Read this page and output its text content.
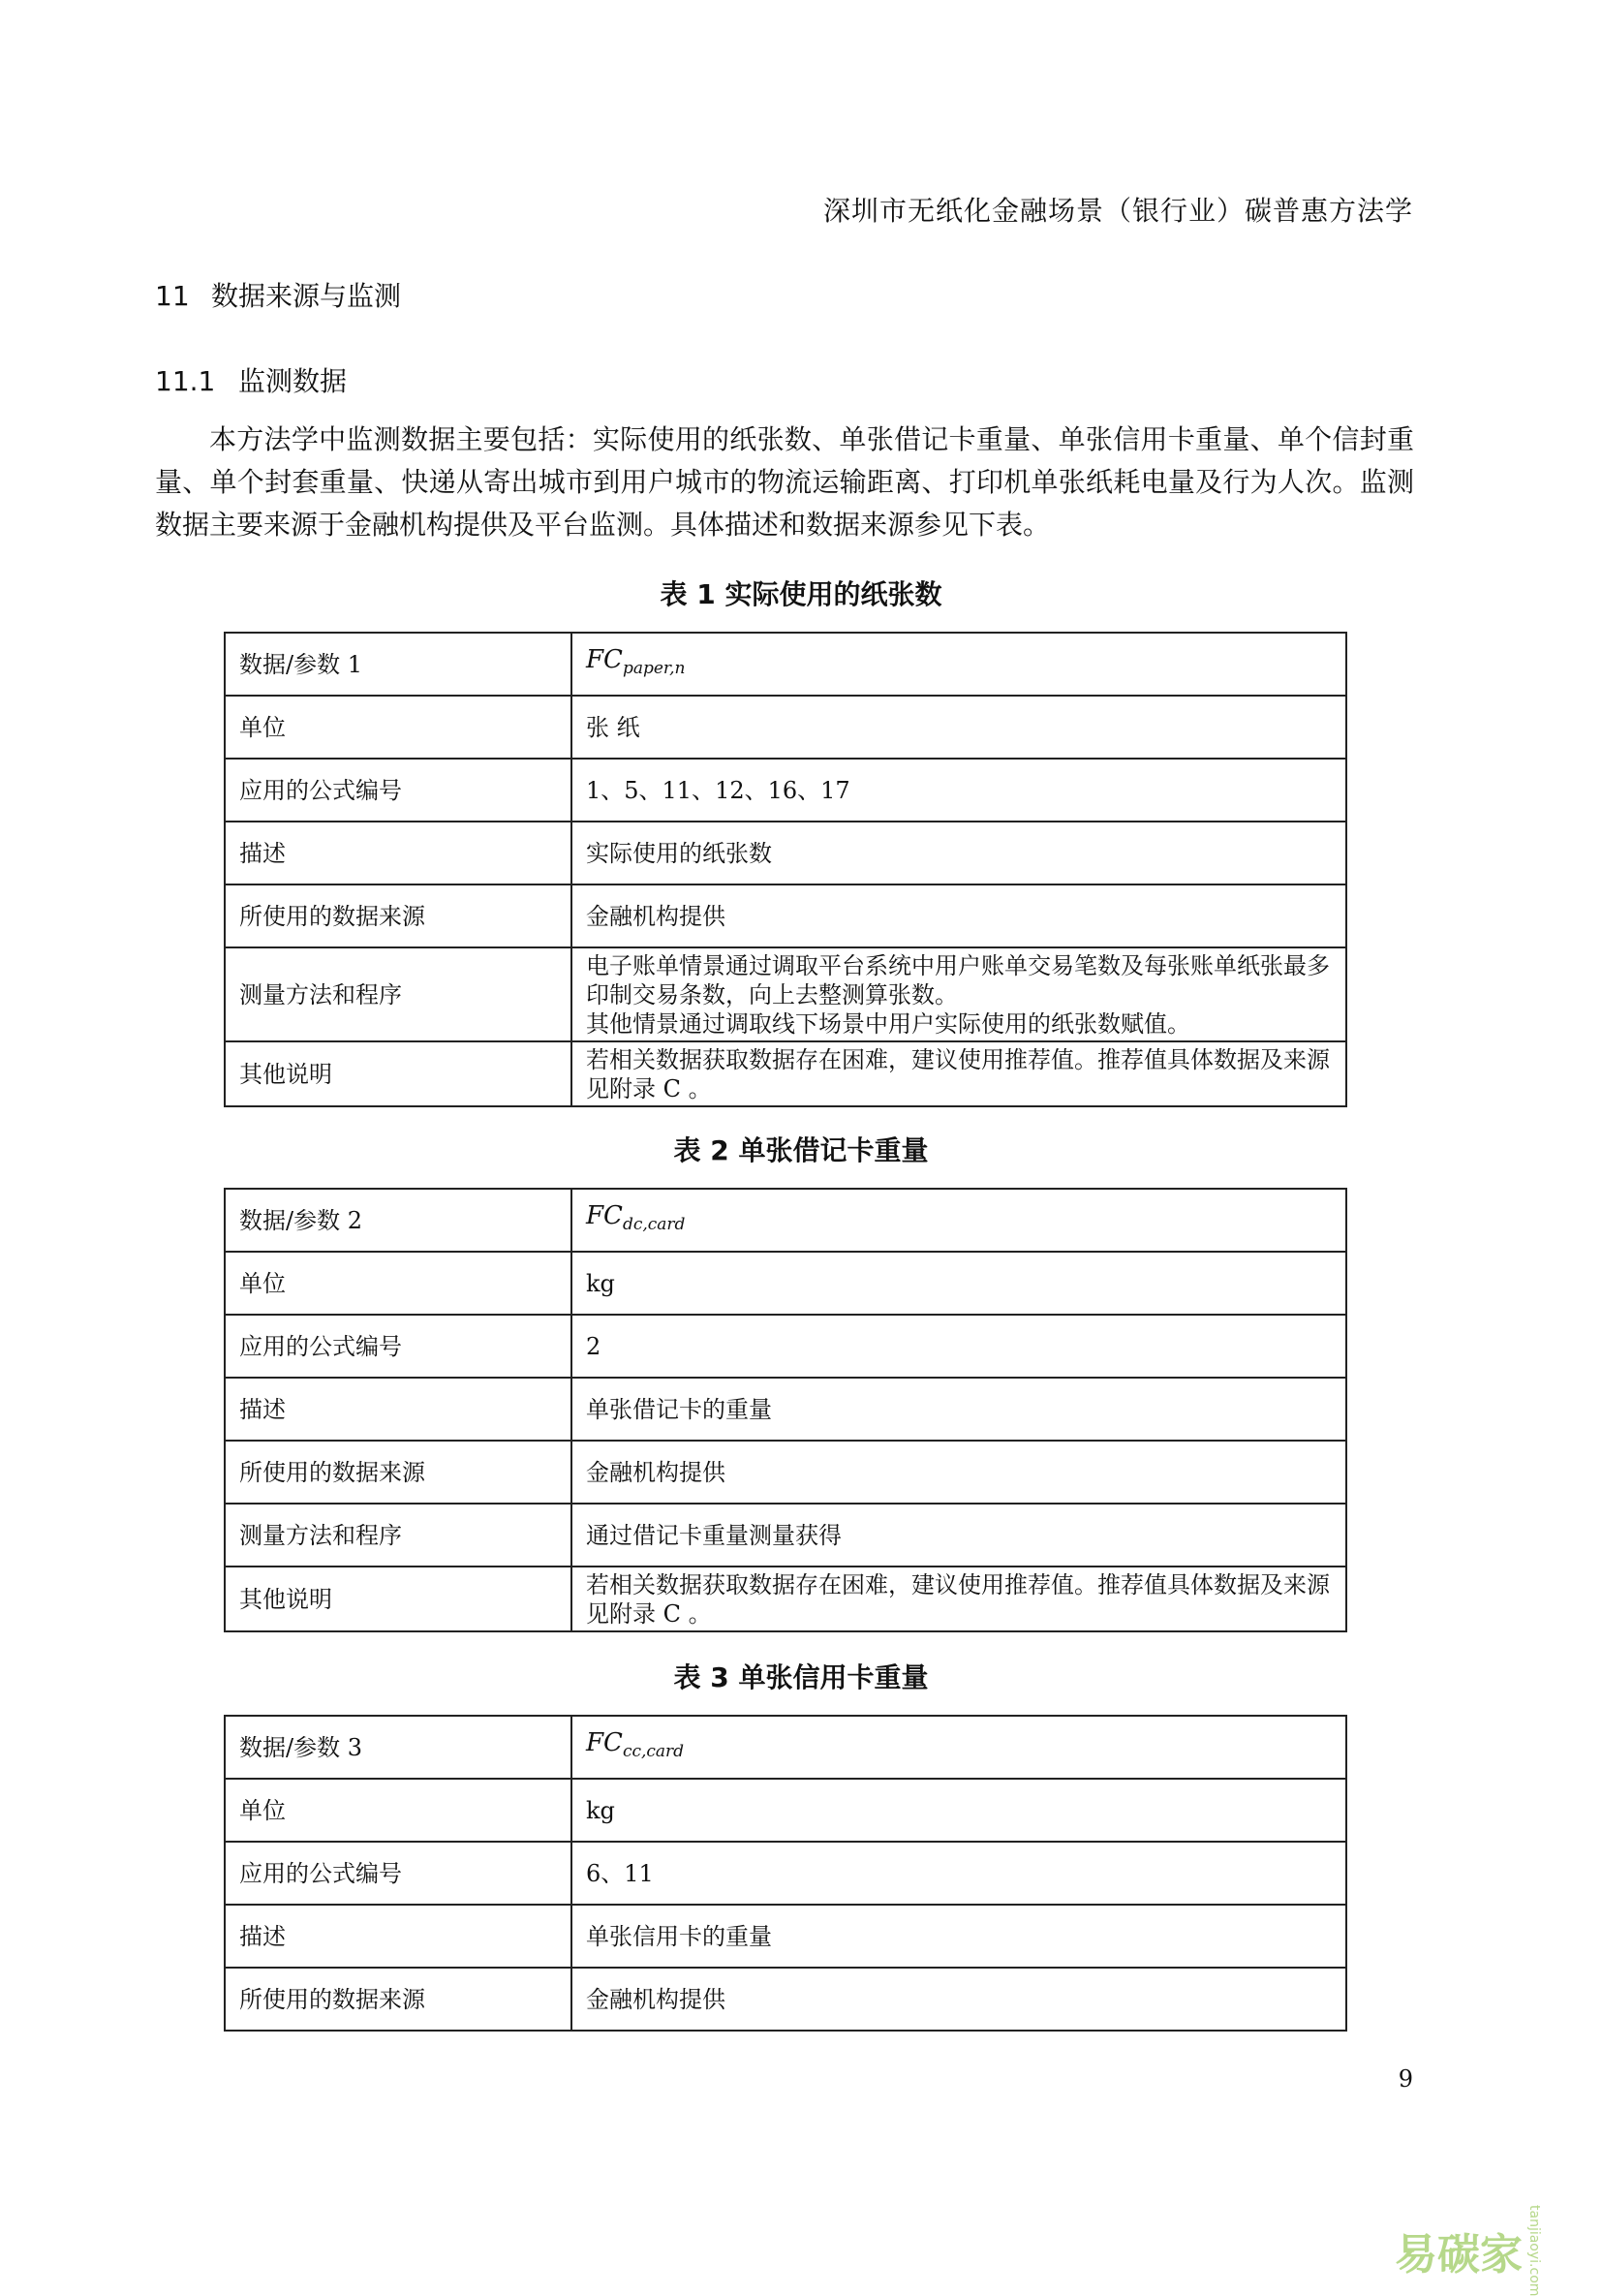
深圳市无纸化金融场景（银行业）碳普惠方法学
11 数据来源与监测
11.1 监测数据

本方法学中监测数据主要包括：实际使用的纸张数、单张借记卡重量、单张信用卡重量、单个信封重量、单个封套重量、快递从寄出城市到用户城市的物流运输距离、打印机单张纸耗电量及行为人次。监测数据主要来源于金融机构提供及平台监测。具体描述和数据来源参见下表。

表 1 实际使用的纸张数
数据/参数 1	$FC_{paper,n}$
单位	张 纸
应用的公式编号	1、5、11、12、16、17
描述	实际使用的纸张数
所使用的数据来源	金融机构提供
测量方法和程序	电子账单情景通过调取平台系统中用户账单交易笔数及每张账单纸张最多印制交易条数，向上去整测算张数。
其他情景通过调取线下场景中用户实际使用的纸张数赋值。

其他说明	若相关数据获取数据存在困难，建议使用推荐值。推荐值具体数据及来源见附录 C 。
表 2 单张借记卡重量
数据/参数 2	$FC_{dc,card}$
单位	kg
应用的公式编号	2
描述	单张借记卡的重量
所使用的数据来源	金融机构提供
测量方法和程序	通过借记卡重量测量获得
其他说明	若相关数据获取数据存在困难，建议使用推荐值。推荐值具体数据及来源见附录 C 。
表 3 单张信用卡重量
数据/参数 3	$FC_{cc,card}$
单位	kg
应用的公式编号	6、11
描述	单张信用卡的重量
所使用的数据来源	金融机构提供
9
易碳家 tanjiaoyi.com
